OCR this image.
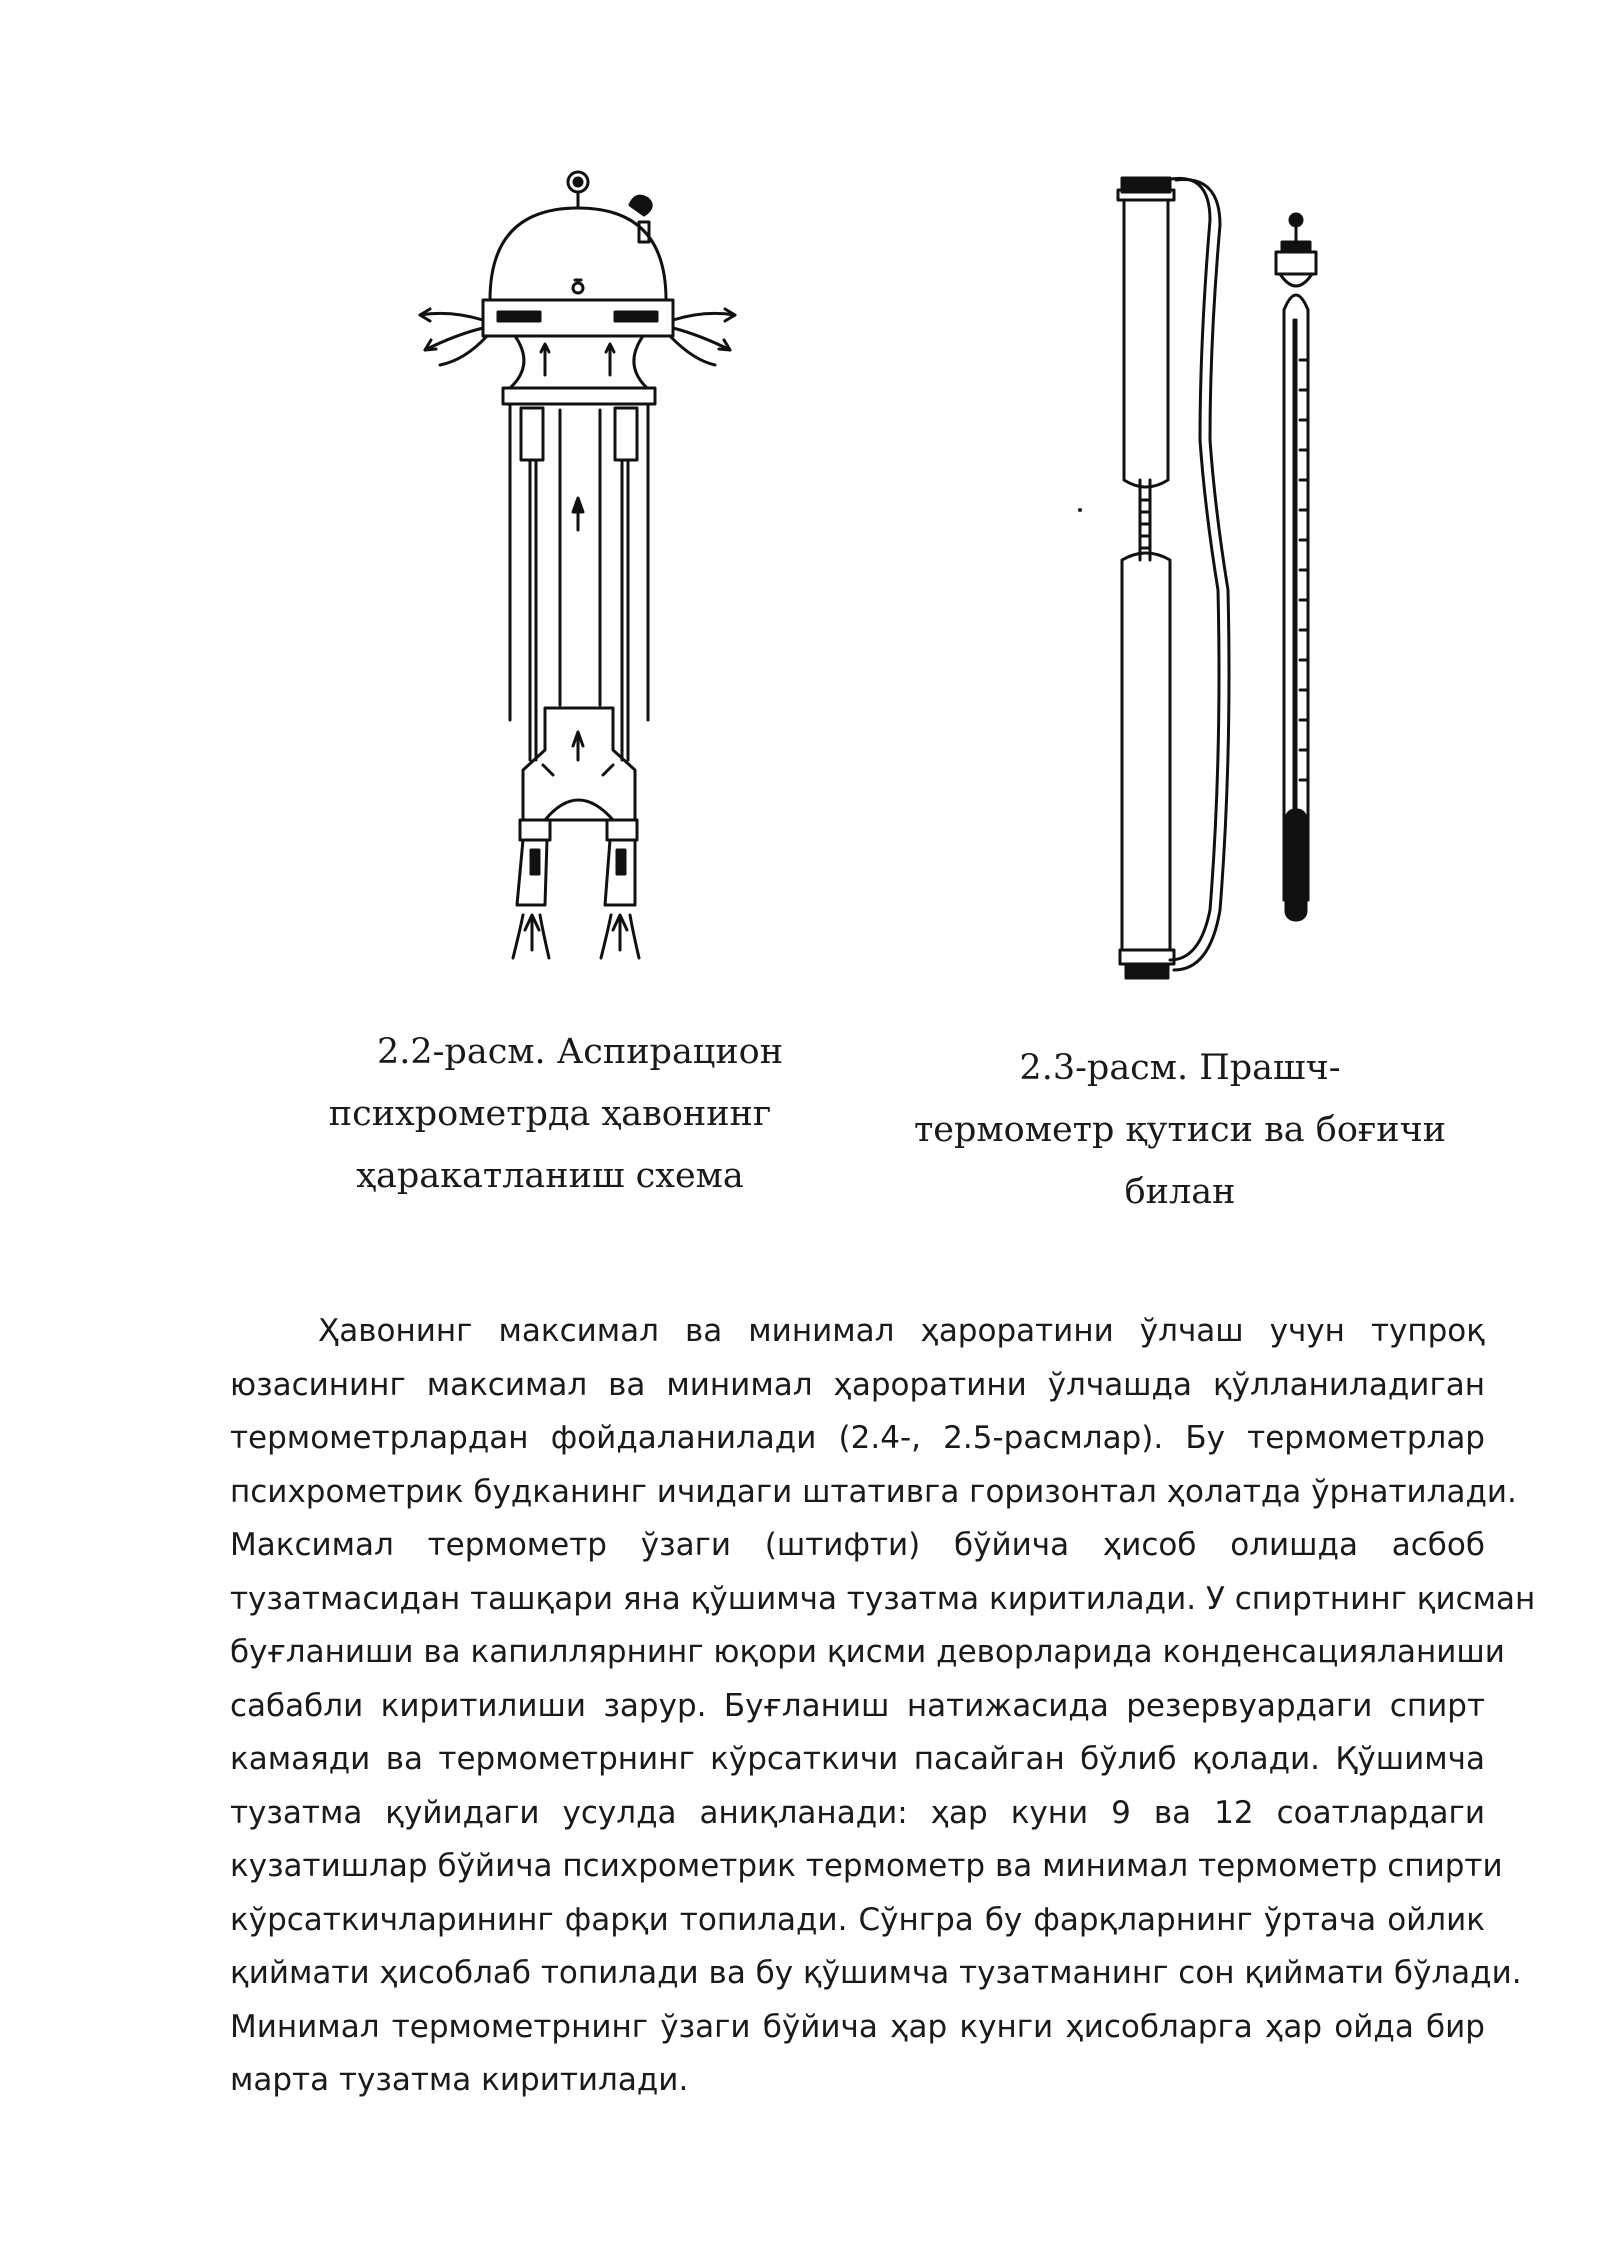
2.2-расм. Аспирацион
психрометрда ҳавонинг
ҳаракатланиш схема
2.3-расм. Прашч-
термометр қутиси ва боғичи
билан
Ҳавонинг максимал ва минимал ҳароратини ўлчаш учун тупроқ
юзасининг максимал ва минимал ҳароратини ўлчашда қўлланиладиган
термометрлардан фойдаланилади (2.4-, 2.5-расмлар). Бу термометрлар
психрометрик будканинг ичидаги штативга горизонтал ҳолатда ўрнатилади.
Максимал термометр ўзаги (штифти) бўйича ҳисоб олишда асбоб
тузатмасидан ташқари яна қўшимча тузатма киритилади. У спиртнинг қисман
буғланиши ва капиллярнинг юқори қисми деворларида конденсацияланиши
сабабли киритилиши зарур. Буғланиш натижасида резервуардаги спирт
камаяди ва термометрнинг кўрсаткичи пасайган бўлиб қолади. Қўшимча
тузатма қуйидаги усулда аниқланади: ҳар куни 9 ва 12 соатлардаги
кузатишлар бўйича психрометрик термометр ва минимал термометр спирти
кўрсаткичларининг фарқи топилади. Сўнгра бу фарқларнинг ўртача ойлик
қиймати ҳисоблаб топилади ва бу қўшимча тузатманинг сон қиймати бўлади.
Минимал термометрнинг ўзаги бўйича ҳар кунги ҳисобларга ҳар ойда бир
марта тузатма киритилади.
